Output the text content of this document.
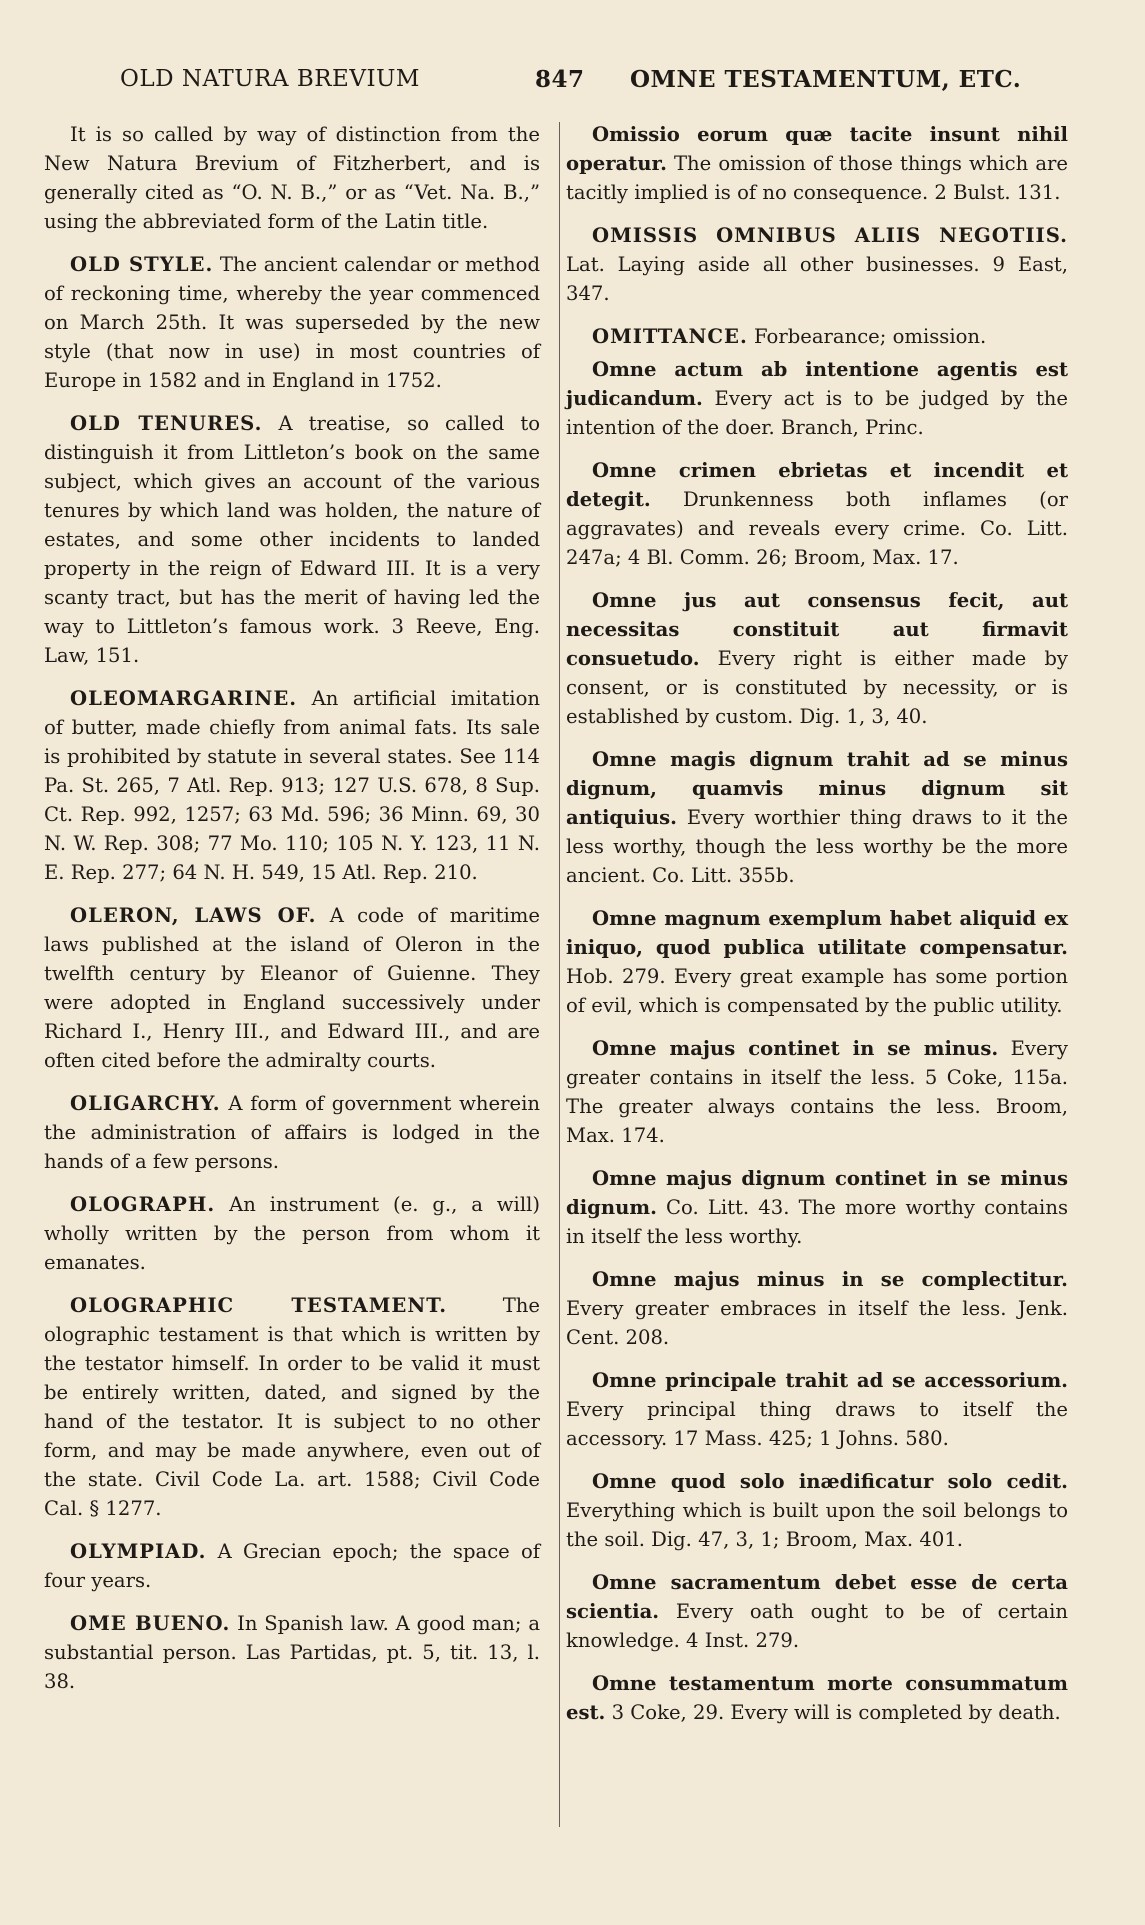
OLD NATURA BREVIUM	847 OMNE TESTAMENTUM, ETC.

It is so called by way of distinction from the New Natura Brevium of Fitzherbert, and is generally cited as “O. N. B.,” or as “Vet. Na. B.,” using the abbreviated form of the Latin title.

OLD STYLE. The ancient calendar or method of reckoning time, whereby the year commenced on March 25th. It was superseded by the new style (that now in use) in most countries of Europe in 1582 and in England in 1752.

OLD TENURES. A treatise, so called to distinguish it from Littleton’s book on the same subject, which gives an account of the various tenures by which land was holden, the nature of estates, and some other incidents to landed property in the reign of Edward III. It is a very scanty tract, but has the merit of having led the way to Littleton’s famous work. 3 Reeve, Eng. Law, 151.

OLEOMARGARINE. An artificial imitation of butter, made chiefly from animal fats. Its sale is prohibited by statute in several states. See 114 Pa. St. 265, 7 Atl. Rep. 913; 127 U.S. 678, 8 Sup. Ct. Rep. 992, 1257; 63 Md. 596; 36 Minn. 69, 30 N. W. Rep. 308; 77 Mo. 110; 105 N. Y. 123, 11 N. E. Rep. 277; 64 N. H. 549, 15 Atl. Rep. 210.

OLERON, LAWS OF. A code of maritime laws published at the island of Oleron in the twelfth century by Eleanor of Guienne. They were adopted in England successively under Richard I., Henry III., and Edward III., and are often cited before the admiralty courts.

OLIGARCHY. A form of government wherein the administration of affairs is lodged in the hands of a few persons.

OLOGRAPH. An instrument (e. g., a will) wholly written by the person from whom it emanates.

OLOGRAPHIC TESTAMENT.	The olographic testament is that which is written by the testator himself. In order to be valid it must be entirely written, dated, and signed by the hand of the testator. It is subject to no other form, and may be made anywhere, even out of the state. Civil Code La. art. 1588; Civil Code Cal. § 1277.

OLYMPIAD. A Grecian epoch; the space of four years.

OME BUENO. In Spanish law. A good man; a substantial person. Las Partidas, pt. 5, tit. 13, l. 38.

Omissio eorum quæ tacite insunt nihil operatur. The omission of those things which are tacitly implied is of no consequence. 2 Bulst. 131.

OMISSIS OMNIBUS ALIIS NEGOTIIS. Lat. Laying aside all other businesses. 9 East, 347.

OMITTANCE. Forbearance; omission.

Omne actum ab intentione agentis est judicandum. Every act is to be judged by the intention of the doer. Branch, Princ.

Omne crimen ebrietas et incendit et detegit. Drunkenness both inflames (or aggravates) and reveals every crime. Co. Litt. 247a; 4 Bl. Comm. 26; Broom, Max. 17.

Omne jus aut consensus fecit, aut necessitas constituit aut firmavit consuetudo. Every right is either made by consent, or is constituted by necessity, or is established by custom. Dig. 1, 3, 40.

Omne magis dignum trahit ad se minus dignum, quamvis minus dignum sit antiquius. Every worthier thing draws to it the less worthy, though the less worthy be the more ancient. Co. Litt. 355b.

Omne magnum exemplum habet aliquid ex iniquo, quod publica utilitate compensatur. Hob. 279. Every great example has some portion of evil, which is compensated by the public utility.

Omne majus continet in se minus. Every greater contains in itself the less. 5 Coke, 115a. The greater always contains the less. Broom, Max. 174.

Omne majus dignum continet in se minus dignum. Co. Litt. 43. The more worthy contains in itself the less worthy.

Omne majus minus in se complectitur. Every greater embraces in itself the less. Jenk. Cent. 208.

Omne principale trahit ad se accessorium. Every principal thing draws to itself the accessory. 17 Mass. 425; 1 Johns. 580.

Omne quod solo inædificatur solo cedit. Everything which is built upon the soil belongs to the soil. Dig. 47, 3, 1; Broom, Max. 401.

Omne sacramentum debet esse de certa scientia. Every oath ought to be of certain knowledge. 4 Inst. 279.

Omne testamentum morte consummatum est. 3 Coke, 29. Every will is completed by death.
